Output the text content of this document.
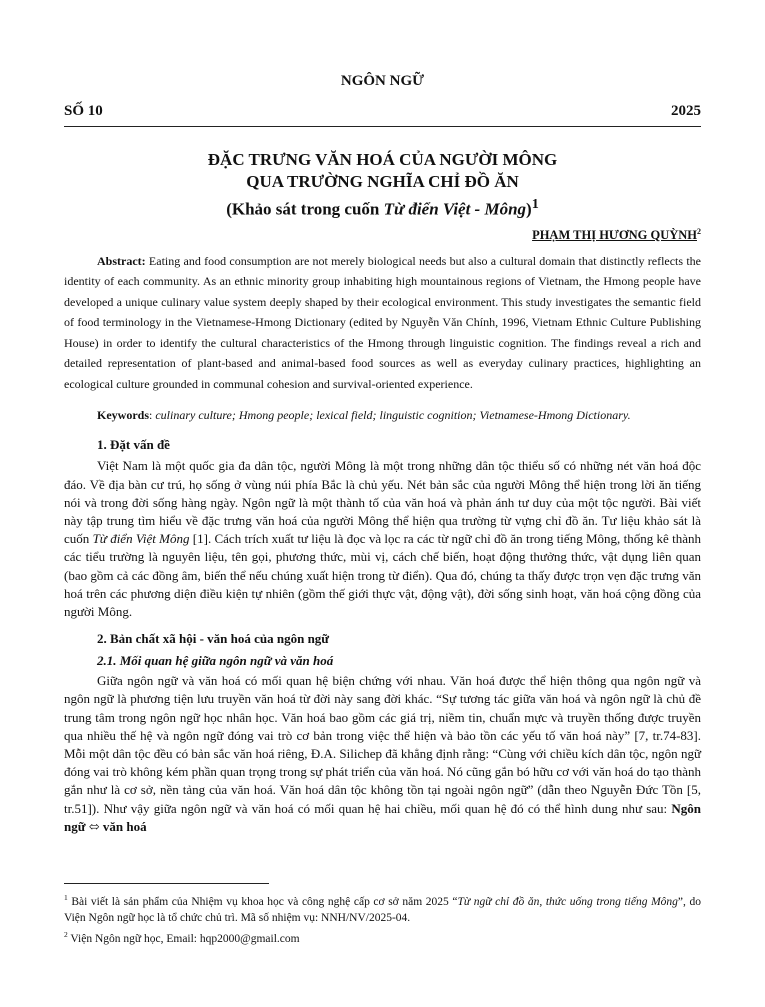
NGÔN NGỮ
SỐ 10	2025
ĐẶC TRƯNG VĂN HOÁ CỦA NGƯỜI MÔNG
QUA TRƯỜNG NGHĨA CHỈ ĐỒ ĂN
(Khảo sát trong cuốn Từ điển Việt - Mông)$^1$
PHẠM THỊ HƯƠNG QUỲNH$^2$

Abstract: Eating and food consumption are not merely biological needs but also a cultural domain that distinctly reflects the identity of each community. As an ethnic minority group inhabiting high mountainous regions of Vietnam, the Hmong people have developed a unique culinary value system deeply shaped by their ecological environment. This study investigates the semantic field of food terminology in the Vietnamese-Hmong Dictionary (edited by Nguyễn Văn Chính, 1996, Vietnam Ethnic Culture Publishing House) in order to identify the cultural characteristics of the Hmong through linguistic cognition. The findings reveal a rich and detailed representation of plant-based and animal-based food sources as well as everyday culinary practices, highlighting an ecological culture grounded in communal cohesion and survival-oriented experience.

Keywords: culinary culture; Hmong people; lexical field; linguistic cognition; Vietnamese-Hmong Dictionary.

1. Đặt vấn đề

Việt Nam là một quốc gia đa dân tộc, người Mông là một trong những dân tộc thiểu số có những nét văn hoá độc đáo. Về địa bàn cư trú, họ sống ở vùng núi phía Bắc là chủ yếu. Nét bản sắc của người Mông thể hiện trong lời ăn tiếng nói và trong đời sống hàng ngày. Ngôn ngữ là một thành tố của văn hoá và phản ánh tư duy của một tộc người. Bài viết này tập trung tìm hiểu về đặc trưng văn hoá của người Mông thể hiện qua trường từ vựng chỉ đồ ăn. Tư liệu khảo sát là cuốn Từ điển Việt Mông [1]. Cách trích xuất tư liệu là đọc và lọc ra các từ ngữ chỉ đồ ăn trong tiếng Mông, thống kê thành các tiểu trường là nguyên liệu, tên gọi, phương thức, mùi vị, cách chế biến, hoạt động thưởng thức, vật dụng liên quan (bao gồm cả các đồng âm, biến thể nếu chúng xuất hiện trong từ điển). Qua đó, chúng ta thấy được trọn vẹn đặc trưng văn hoá trên các phương diện điều kiện tự nhiên (gồm thế giới thực vật, động vật), đời sống sinh hoạt, văn hoá cộng đồng của người Mông.

2. Bản chất xã hội - văn hoá của ngôn ngữ
2.1. Mối quan hệ giữa ngôn ngữ và văn hoá

Giữa ngôn ngữ và văn hoá có mối quan hệ biện chứng với nhau. Văn hoá được thể hiện thông qua ngôn ngữ và ngôn ngữ là phương tiện lưu truyền văn hoá từ đời này sang đời khác. “Sự tương tác giữa văn hoá và ngôn ngữ là chủ đề trung tâm trong ngôn ngữ học nhân học. Văn hoá bao gồm các giá trị, niềm tin, chuẩn mực và truyền thống được truyền qua nhiều thế hệ và ngôn ngữ đóng vai trò cơ bản trong việc thể hiện và bảo tồn các yếu tố văn hoá này” [7, tr.74-83]. Mỗi một dân tộc đều có bản sắc văn hoá riêng, Đ.A. Silichep đã khẳng định rằng: “Cùng với chiều kích dân tộc, ngôn ngữ đóng vai trò không kém phần quan trọng trong sự phát triển của văn hoá. Nó cũng gắn bó hữu cơ với văn hoá do tạo thành gắn như là cơ sở, nền tảng của văn hoá. Văn hoá dân tộc không tồn tại ngoài ngôn ngữ” (dẫn theo Nguyễn Đức Tồn [5, tr.51]). Như vậy giữa ngôn ngữ và văn hoá có mối quan hệ hai chiều, mối quan hệ đó có thể hình dung như sau: Ngôn ngữ ⬄ văn hoá

$^1$ Bài viết là sản phẩm của Nhiệm vụ khoa học và công nghệ cấp cơ sở năm 2025 “Từ ngữ chỉ đồ ăn, thức uống trong tiếng Mông”, do Viện Ngôn ngữ học là tổ chức chủ trì. Mã số nhiệm vụ: NNH/NV/2025-04.

$^2$ Viện Ngôn ngữ học, Email: hqp2000@gmail.com
